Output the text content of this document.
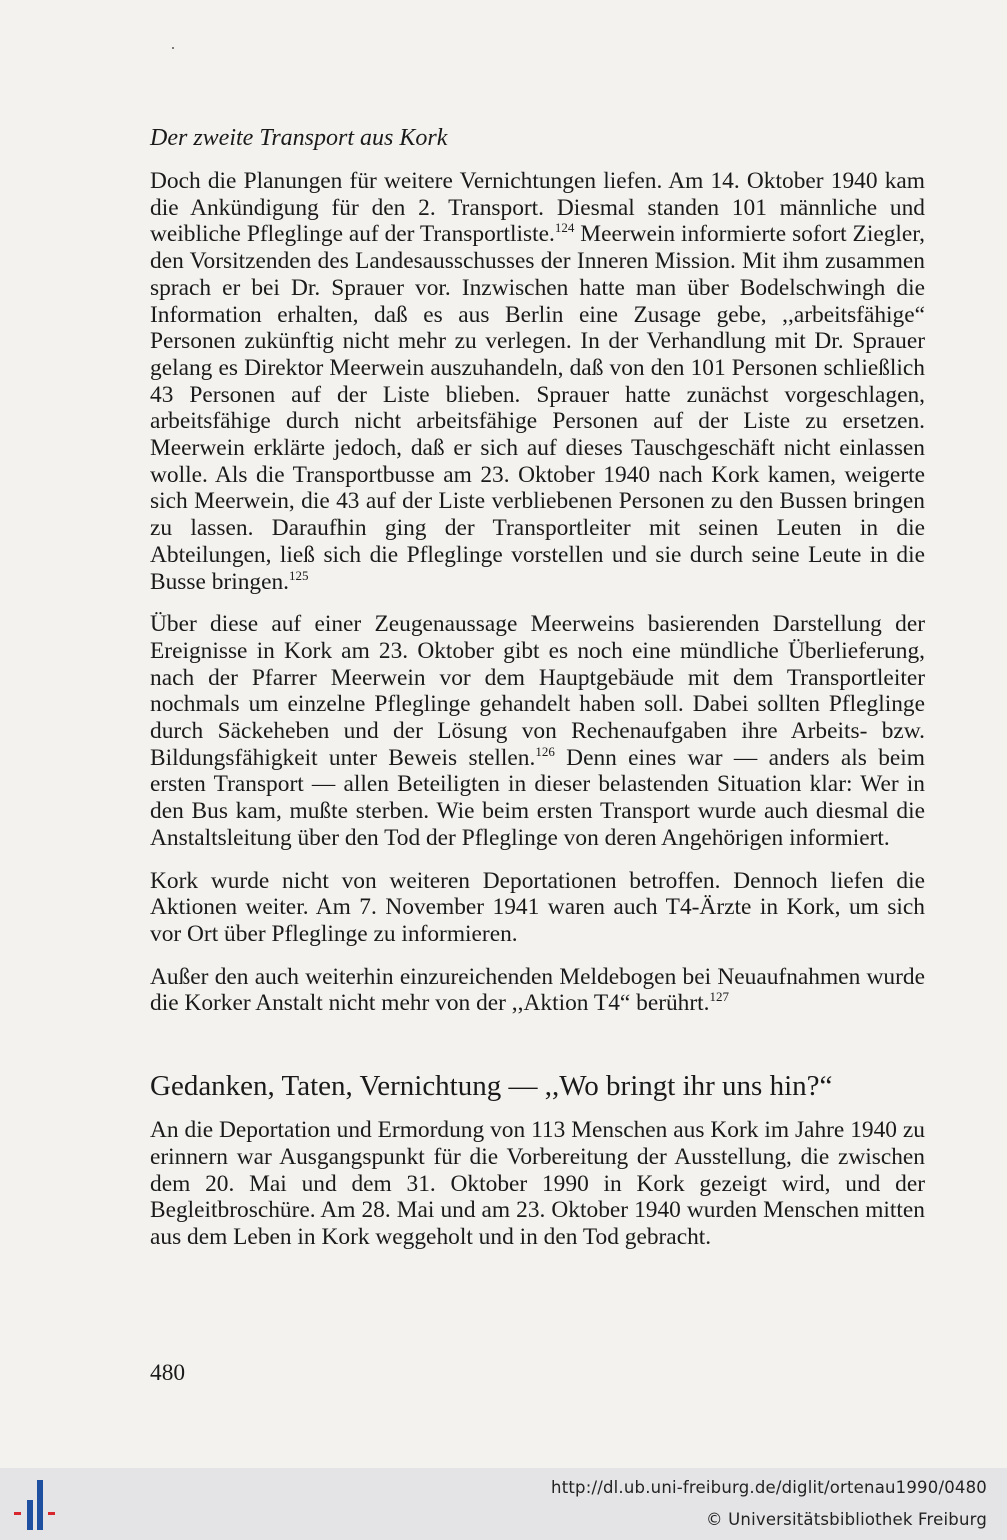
Der zweite Transport aus Kork

Doch die Planungen für weitere Vernichtungen liefen. Am 14. Oktober 1940 kam die Ankündigung für den 2. Transport. Diesmal standen 101 männliche und weibliche Pfleglinge auf der Transportliste.$^{124}$ Meerwein informierte sofort Ziegler, den Vorsitzenden des Landesausschusses der Inneren Mission. Mit ihm zusammen sprach er bei Dr. Sprauer vor. Inzwischen hatte man über Bodelschwingh die Information erhalten, daß es aus Berlin eine Zusage gebe, ,,arbeitsfähige“ Personen zukünftig nicht mehr zu verlegen. In der Verhandlung mit Dr. Sprauer gelang es Direktor Meerwein auszuhandeln, daß von den 101 Personen schließlich 43 Personen auf der Liste blieben. Sprauer hatte zunächst vorgeschlagen, arbeitsfähige durch nicht arbeitsfähige Personen auf der Liste zu ersetzen. Meerwein erklärte jedoch, daß er sich auf dieses Tauschgeschäft nicht einlassen wolle. Als die Transportbusse am 23. Oktober 1940 nach Kork kamen, weigerte sich Meerwein, die 43 auf der Liste verbliebenen Personen zu den Bussen bringen zu lassen. Daraufhin ging der Transportleiter mit seinen Leuten in die Abteilungen, ließ sich die Pfleglinge vorstellen und sie durch seine Leute in die Busse bringen.$^{125}$

Über diese auf einer Zeugenaussage Meerweins basierenden Darstellung der Ereignisse in Kork am 23. Oktober gibt es noch eine mündliche Überlieferung, nach der Pfarrer Meerwein vor dem Hauptgebäude mit dem Transportleiter nochmals um einzelne Pfleglinge gehandelt haben soll. Dabei sollten Pfleglinge durch Säckeheben und der Lösung von Rechenaufgaben ihre Arbeits- bzw. Bildungsfähigkeit unter Beweis stellen.$^{126}$ Denn eines war — anders als beim ersten Transport — allen Beteiligten in dieser belastenden Situation klar: Wer in den Bus kam, mußte sterben. Wie beim ersten Transport wurde auch diesmal die Anstaltsleitung über den Tod der Pfleglinge von deren Angehörigen informiert.

Kork wurde nicht von weiteren Deportationen betroffen. Dennoch liefen die Aktionen weiter. Am 7. November 1941 waren auch T4-Ärzte in Kork, um sich vor Ort über Pfleglinge zu informieren.

Außer den auch weiterhin einzureichenden Meldebogen bei Neuaufnahmen wurde die Korker Anstalt nicht mehr von der ,,Aktion T4“ berührt.$^{127}$

Gedanken, Taten, Vernichtung — ,,Wo bringt ihr uns hin?“

An die Deportation und Ermordung von 113 Menschen aus Kork im Jahre 1940 zu erinnern war Ausgangspunkt für die Vorbereitung der Ausstellung, die zwischen dem 20. Mai und dem 31. Oktober 1990 in Kork gezeigt wird, und der Begleitbroschüre. Am 28. Mai und am 23. Oktober 1940 wurden Menschen mitten aus dem Leben in Kork weggeholt und in den Tod gebracht.

480
http://dl.ub.uni-freiburg.de/diglit/ortenau1990/0480
© Universitätsbibliothek Freiburg
